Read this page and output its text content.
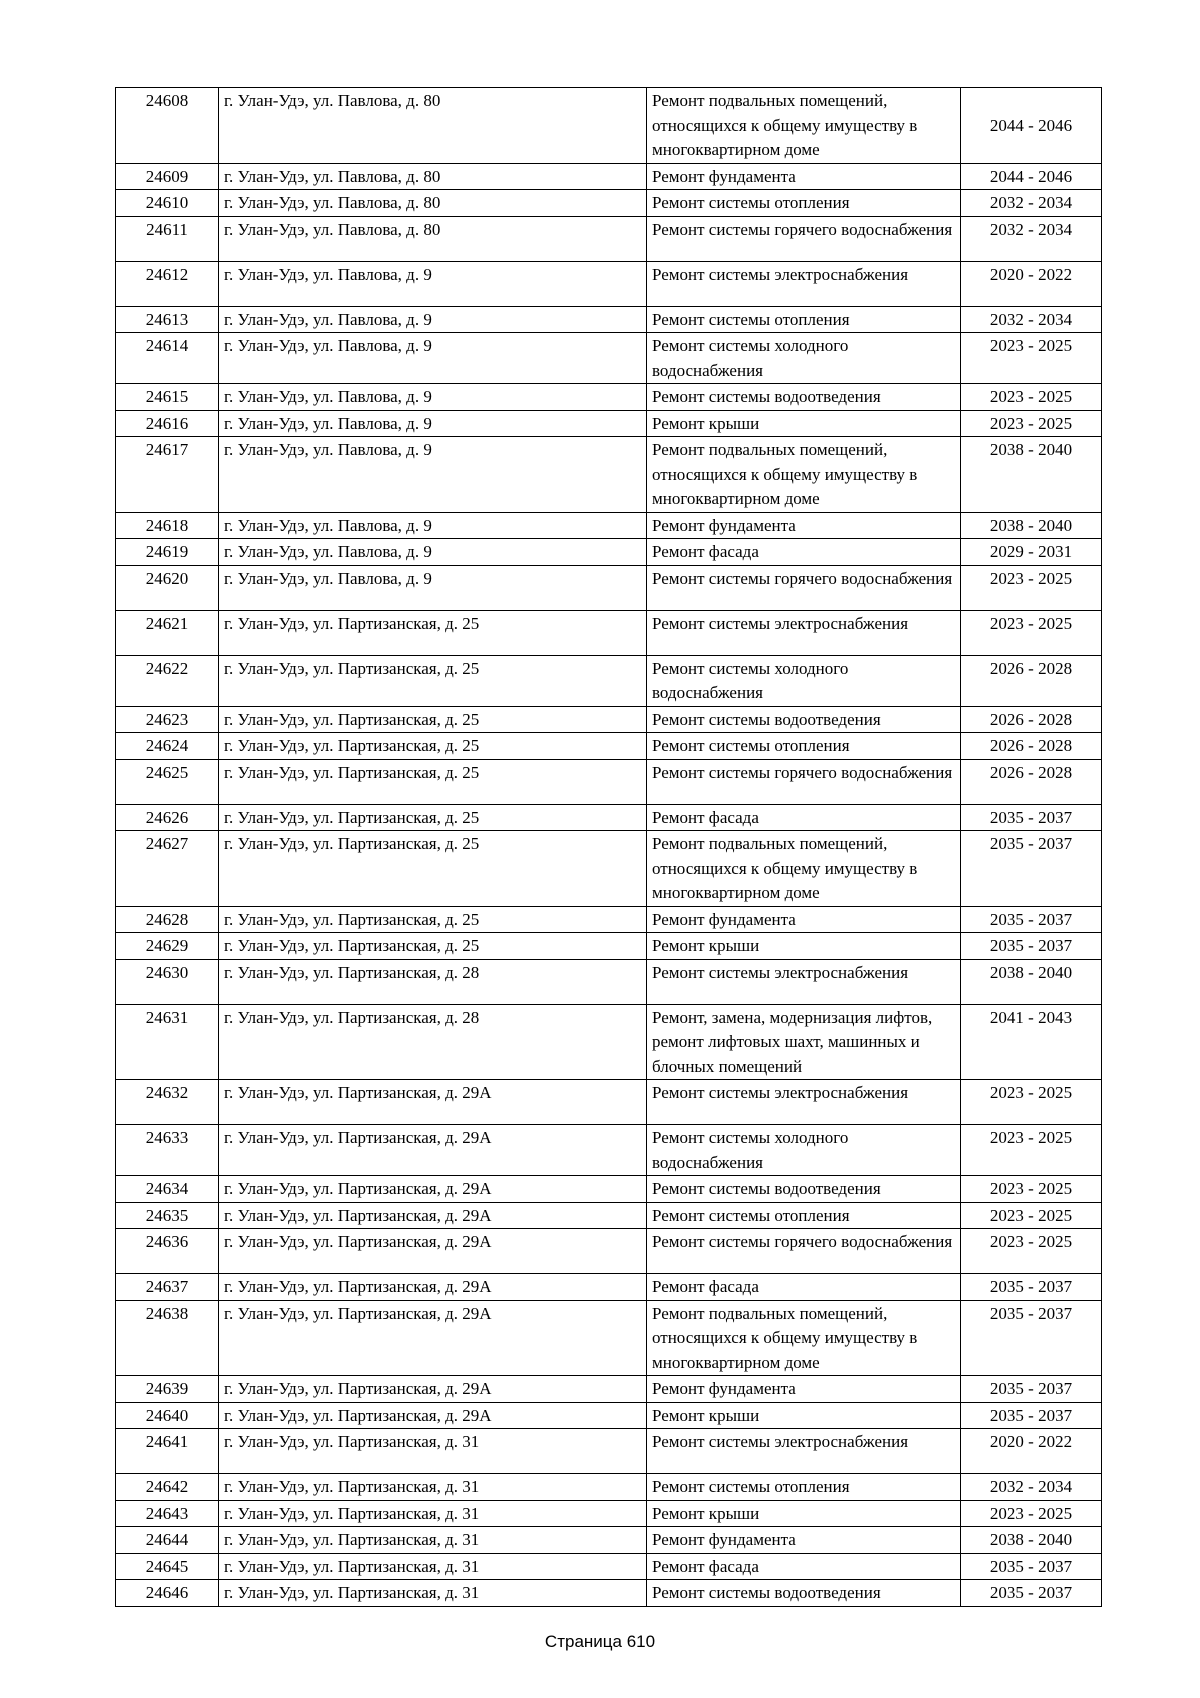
24608	г. Улан-Удэ, ул. Павлова, д. 80	Ремонт подвальных помещений, относящихся к общему имуществу в многоквартирном доме	2044 - 2046
24609	г. Улан-Удэ, ул. Павлова, д. 80	Ремонт фундамента	2044 - 2046
24610	г. Улан-Удэ, ул. Павлова, д. 80	Ремонт системы отопления	2032 - 2034
24611	г. Улан-Удэ, ул. Павлова, д. 80	Ремонт системы горячего водоснабжения	2032 - 2034
24612	г. Улан-Удэ, ул. Павлова, д. 9	Ремонт системы электроснабжения	2020 - 2022
24613	г. Улан-Удэ, ул. Павлова, д. 9	Ремонт системы отопления	2032 - 2034
24614	г. Улан-Удэ, ул. Павлова, д. 9	Ремонт системы холодного водоснабжения	2023 - 2025
24615	г. Улан-Удэ, ул. Павлова, д. 9	Ремонт системы водоотведения	2023 - 2025
24616	г. Улан-Удэ, ул. Павлова, д. 9	Ремонт крыши	2023 - 2025
24617	г. Улан-Удэ, ул. Павлова, д. 9	Ремонт подвальных помещений, относящихся к общему имуществу в многоквартирном доме	2038 - 2040
24618	г. Улан-Удэ, ул. Павлова, д. 9	Ремонт фундамента	2038 - 2040
24619	г. Улан-Удэ, ул. Павлова, д. 9	Ремонт фасада	2029 - 2031
24620	г. Улан-Удэ, ул. Павлова, д. 9	Ремонт системы горячего водоснабжения	2023 - 2025
24621	г. Улан-Удэ, ул. Партизанская, д. 25	Ремонт системы электроснабжения	2023 - 2025
24622	г. Улан-Удэ, ул. Партизанская, д. 25	Ремонт системы холодного водоснабжения	2026 - 2028
24623	г. Улан-Удэ, ул. Партизанская, д. 25	Ремонт системы водоотведения	2026 - 2028
24624	г. Улан-Удэ, ул. Партизанская, д. 25	Ремонт системы отопления	2026 - 2028
24625	г. Улан-Удэ, ул. Партизанская, д. 25	Ремонт системы горячего водоснабжения	2026 - 2028
24626	г. Улан-Удэ, ул. Партизанская, д. 25	Ремонт фасада	2035 - 2037
24627	г. Улан-Удэ, ул. Партизанская, д. 25	Ремонт подвальных помещений, относящихся к общему имуществу в многоквартирном доме	2035 - 2037
24628	г. Улан-Удэ, ул. Партизанская, д. 25	Ремонт фундамента	2035 - 2037
24629	г. Улан-Удэ, ул. Партизанская, д. 25	Ремонт крыши	2035 - 2037
24630	г. Улан-Удэ, ул. Партизанская, д. 28	Ремонт системы электроснабжения	2038 - 2040
24631	г. Улан-Удэ, ул. Партизанская, д. 28	Ремонт, замена, модернизация лифтов, ремонт лифтовых шахт, машинных и блочных помещений	2041 - 2043
24632	г. Улан-Удэ, ул. Партизанская, д. 29А	Ремонт системы электроснабжения	2023 - 2025
24633	г. Улан-Удэ, ул. Партизанская, д. 29А	Ремонт системы холодного водоснабжения	2023 - 2025
24634	г. Улан-Удэ, ул. Партизанская, д. 29А	Ремонт системы водоотведения	2023 - 2025
24635	г. Улан-Удэ, ул. Партизанская, д. 29А	Ремонт системы отопления	2023 - 2025
24636	г. Улан-Удэ, ул. Партизанская, д. 29А	Ремонт системы горячего водоснабжения	2023 - 2025
24637	г. Улан-Удэ, ул. Партизанская, д. 29А	Ремонт фасада	2035 - 2037
24638	г. Улан-Удэ, ул. Партизанская, д. 29А	Ремонт подвальных помещений, относящихся к общему имуществу в многоквартирном доме	2035 - 2037
24639	г. Улан-Удэ, ул. Партизанская, д. 29А	Ремонт фундамента	2035 - 2037
24640	г. Улан-Удэ, ул. Партизанская, д. 29А	Ремонт крыши	2035 - 2037
24641	г. Улан-Удэ, ул. Партизанская, д. 31	Ремонт системы электроснабжения	2020 - 2022
24642	г. Улан-Удэ, ул. Партизанская, д. 31	Ремонт системы отопления	2032 - 2034
24643	г. Улан-Удэ, ул. Партизанская, д. 31	Ремонт крыши	2023 - 2025
24644	г. Улан-Удэ, ул. Партизанская, д. 31	Ремонт фундамента	2038 - 2040
24645	г. Улан-Удэ, ул. Партизанская, д. 31	Ремонт фасада	2035 - 2037
24646	г. Улан-Удэ, ул. Партизанская, д. 31	Ремонт системы водоотведения	2035 - 2037
Страница 610
